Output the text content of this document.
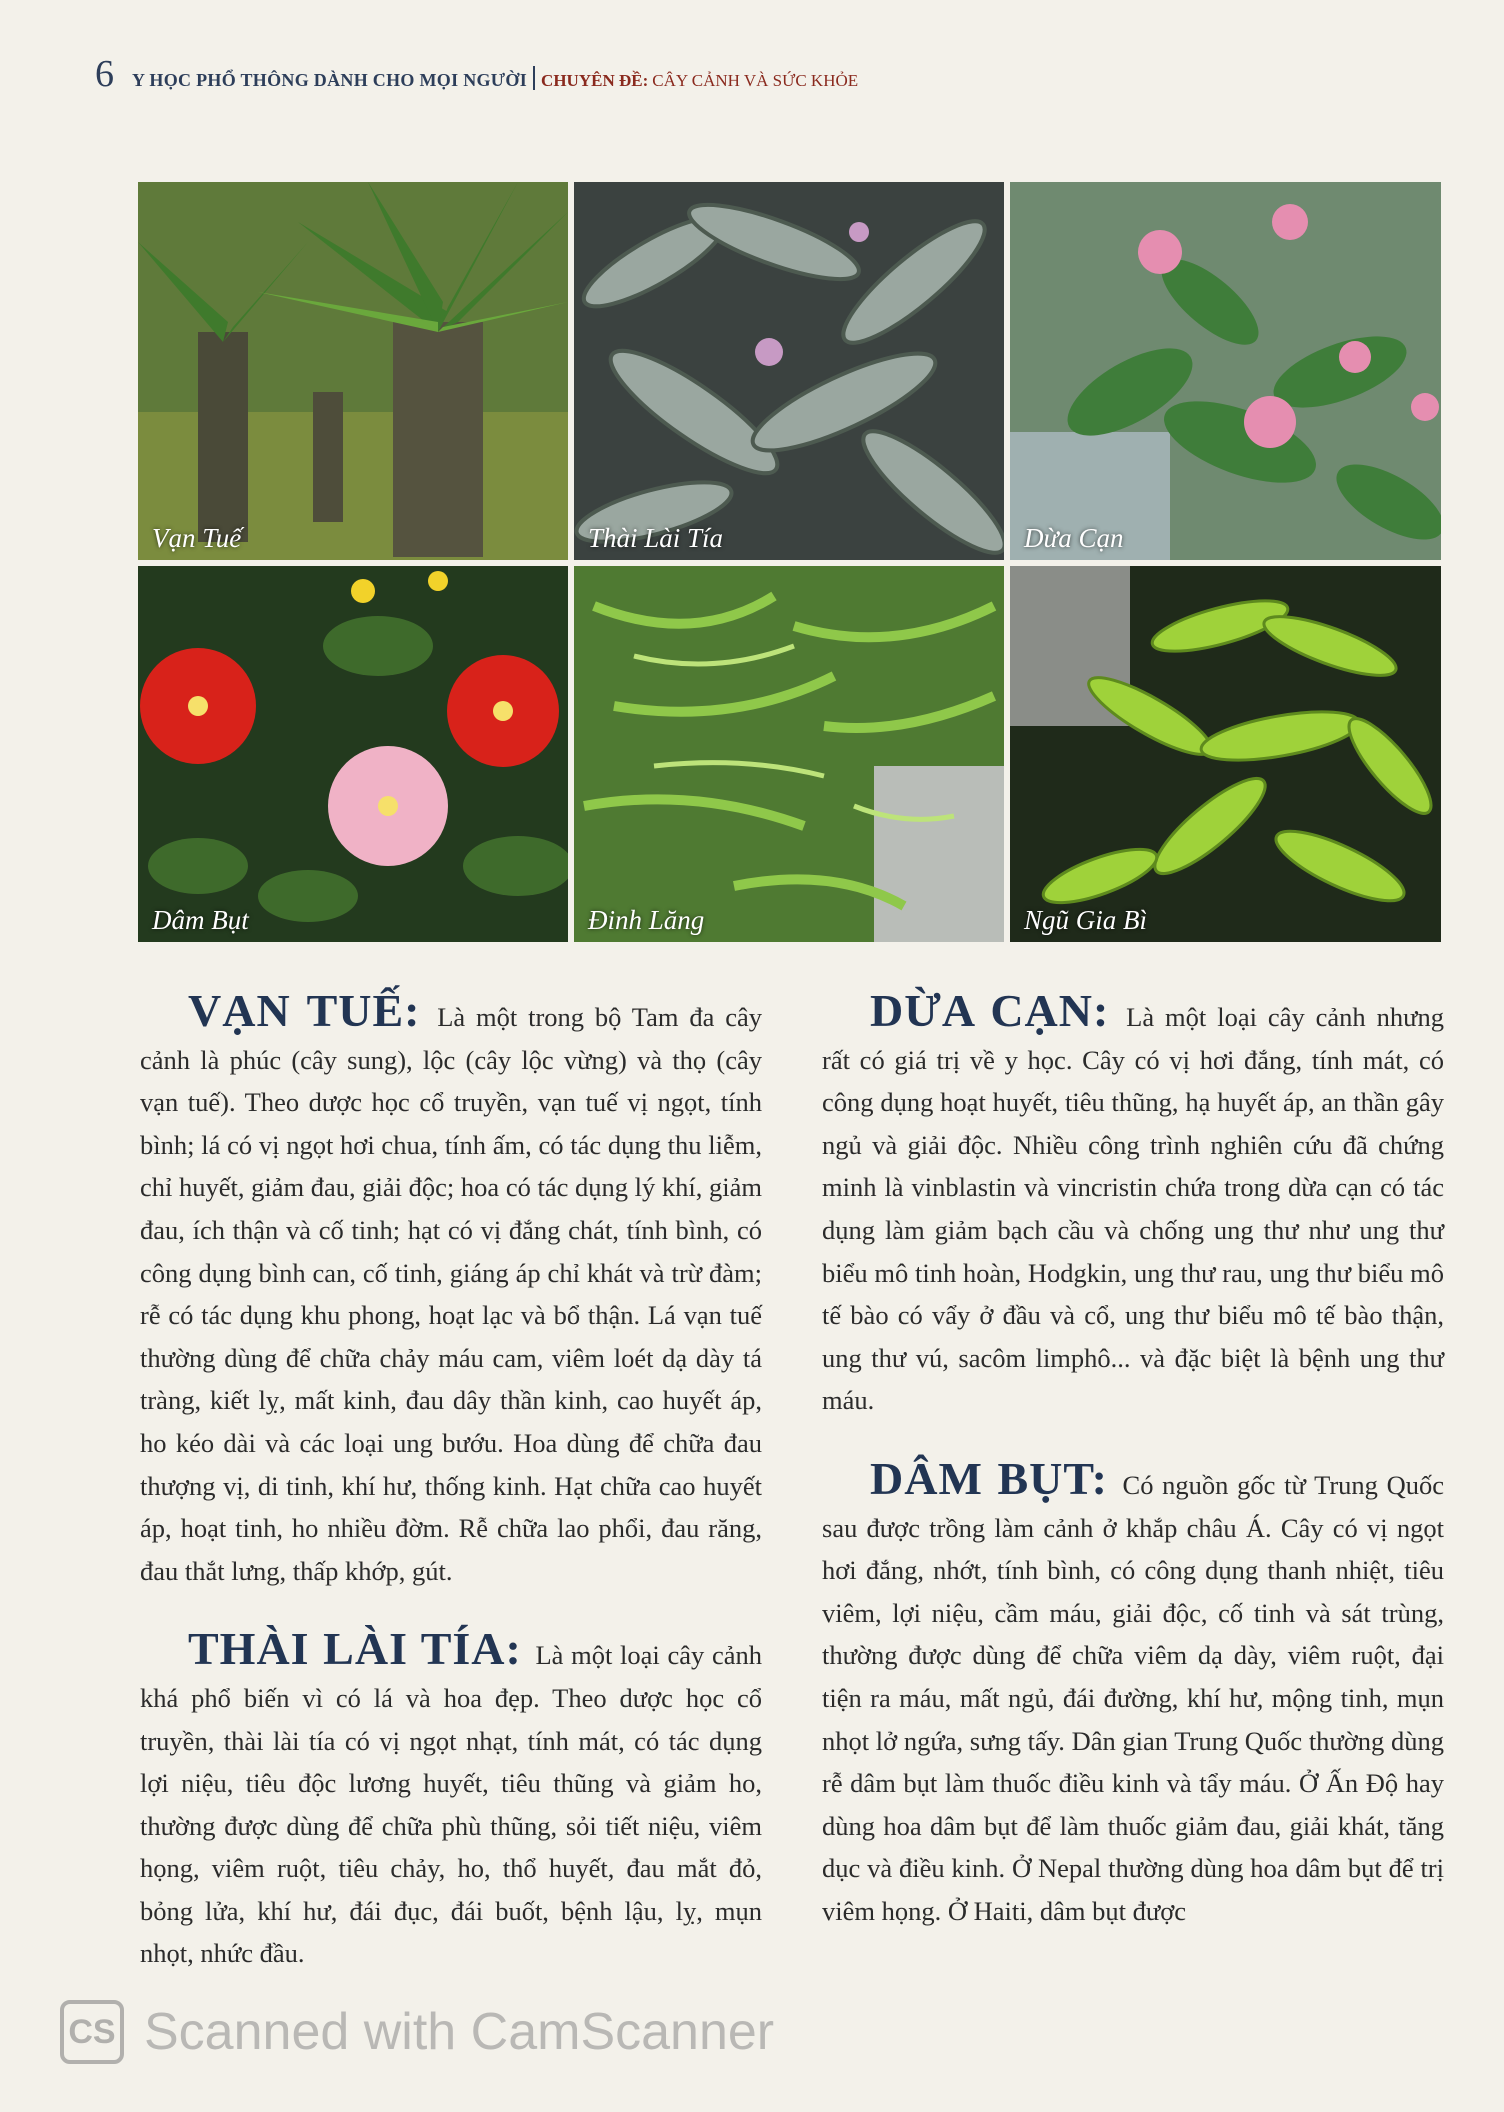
6 Y HỌC PHỔ THÔNG DÀNH CHO MỌI NGƯỜI CHUYÊN ĐỀ: CÂY CẢNH VÀ SỨC KHỎE
Vạn Tuế	Thài Lài Tía	Dừa Cạn
Dâm Bụt	Đinh Lăng	Ngũ Gia Bì

VẠN TUẾ: Là một trong bộ Tam đa cây cảnh là phúc (cây sung), lộc (cây lộc vừng) và thọ (cây vạn tuế). Theo dược học cổ truyền, vạn tuế vị ngọt, tính bình; lá có vị ngọt hơi chua, tính ấm, có tác dụng thu liễm, chỉ huyết, giảm đau, giải độc; hoa có tác dụng lý khí, giảm đau, ích thận và cố tinh; hạt có vị đắng chát, tính bình, có công dụng bình can, cố tinh, giáng áp chỉ khát và trừ đàm; rễ có tác dụng khu phong, hoạt lạc và bổ thận. Lá vạn tuế thường dùng để chữa chảy máu cam, viêm loét dạ dày tá tràng, kiết lỵ, mất kinh, đau dây thần kinh, cao huyết áp, ho kéo dài và các loại ung bướu. Hoa dùng để chữa đau thượng vị, di tinh, khí hư, thống kinh. Hạt chữa cao huyết áp, hoạt tinh, ho nhiều đờm. Rễ chữa lao phổi, đau răng, đau thắt lưng, thấp khớp, gút.

THÀI LÀI TÍA: Là một loại cây cảnh khá phổ biến vì có lá và hoa đẹp. Theo dược học cổ truyền, thài lài tía có vị ngọt nhạt, tính mát, có tác dụng lợi niệu, tiêu độc lương huyết, tiêu thũng và giảm ho, thường được dùng để chữa phù thũng, sỏi tiết niệu, viêm họng, viêm ruột, tiêu chảy, ho, thổ huyết, đau mắt đỏ, bỏng lửa, khí hư, đái đục, đái buốt, bệnh lậu, lỵ, mụn nhọt, nhức đầu.

DỪA CẠN: Là một loại cây cảnh nhưng rất có giá trị về y học. Cây có vị hơi đắng, tính mát, có công dụng hoạt huyết, tiêu thũng, hạ huyết áp, an thần gây ngủ và giải độc. Nhiều công trình nghiên cứu đã chứng minh là vinblastin và vincristin chứa trong dừa cạn có tác dụng làm giảm bạch cầu và chống ung thư như ung thư biểu mô tinh hoàn, Hodgkin, ung thư rau, ung thư biểu mô tế bào có vẩy ở đầu và cổ, ung thư biểu mô tế bào thận, ung thư vú, sacôm limphô... và đặc biệt là bệnh ung thư máu.

DÂM BỤT: Có nguồn gốc từ Trung Quốc sau được trồng làm cảnh ở khắp châu Á. Cây có vị ngọt hơi đắng, nhớt, tính bình, có công dụng thanh nhiệt, tiêu viêm, lợi niệu, cầm máu, giải độc, cố tinh và sát trùng, thường được dùng để chữa viêm dạ dày, viêm ruột, đại tiện ra máu, mất ngủ, đái đường, khí hư, mộng tinh, mụn nhọt lở ngứa, sưng tấy. Dân gian Trung Quốc thường dùng rễ dâm bụt làm thuốc điều kinh và tẩy máu. Ở Ấn Độ hay dùng hoa dâm bụt để làm thuốc giảm đau, giải khát, tăng dục và điều kinh. Ở Nepal thường dùng hoa dâm bụt để trị viêm họng. Ở Haiti, dâm bụt được

CS Scanned with CamScanner
